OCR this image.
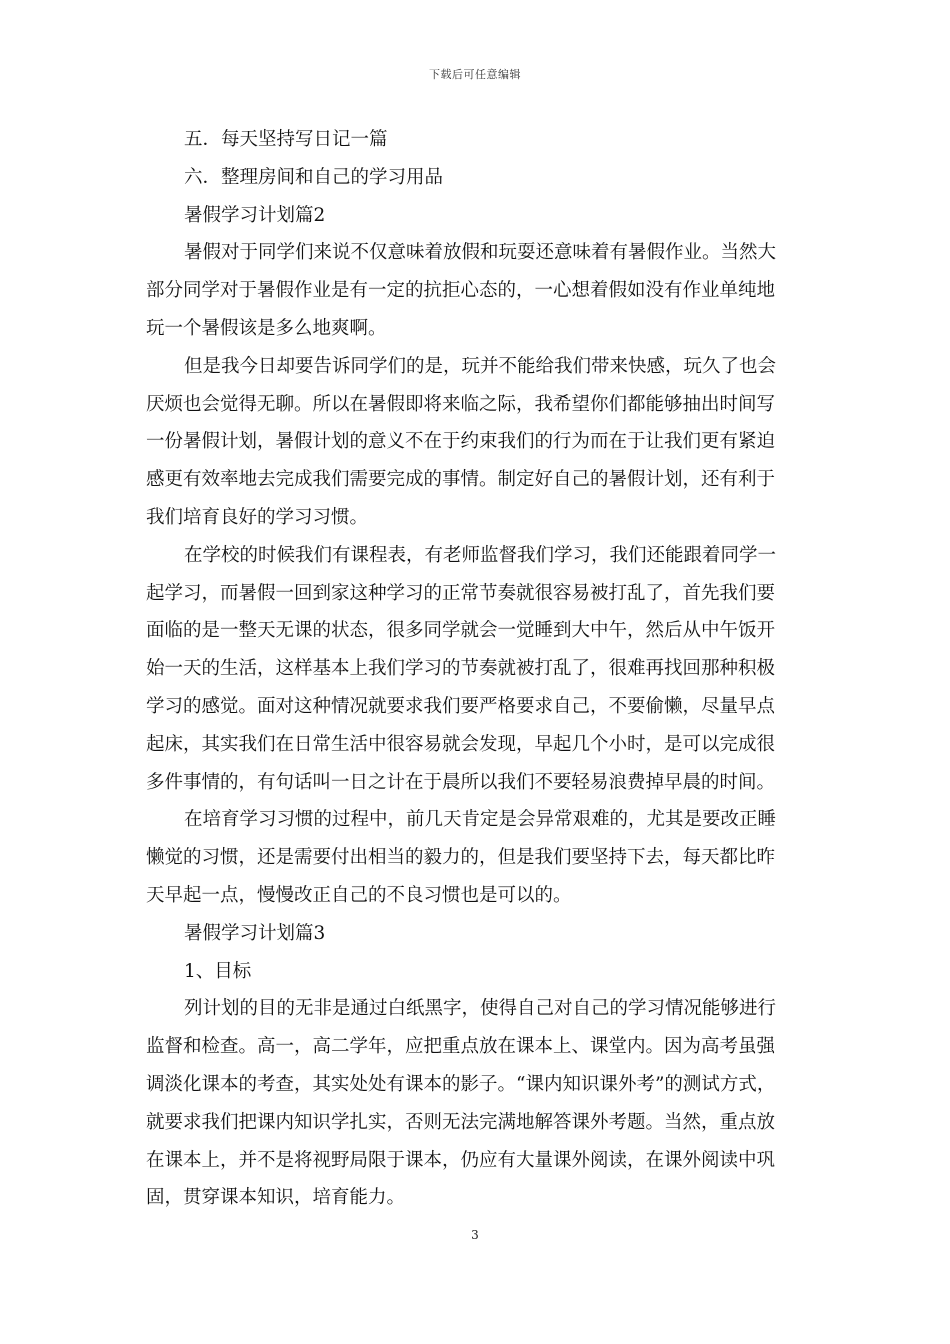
下载后可任意编辑
五．每天坚持写日记一篇
六．整理房间和自己的学习用品
暑假学习计划篇2
暑假对于同学们来说不仅意味着放假和玩耍还意味着有暑假作业。当然大
部分同学对于暑假作业是有一定的抗拒心态的，一心想着假如没有作业单纯地
玩一个暑假该是多么地爽啊。
但是我今日却要告诉同学们的是，玩并不能给我们带来快感，玩久了也会
厌烦也会觉得无聊。所以在暑假即将来临之际，我希望你们都能够抽出时间写
一份暑假计划，暑假计划的意义不在于约束我们的行为而在于让我们更有紧迫
感更有效率地去完成我们需要完成的事情。制定好自己的暑假计划，还有利于
我们培育良好的学习习惯。
在学校的时候我们有课程表，有老师监督我们学习，我们还能跟着同学一
起学习，而暑假一回到家这种学习的正常节奏就很容易被打乱了，首先我们要
面临的是一整天无课的状态，很多同学就会一觉睡到大中午，然后从中午饭开
始一天的生活，这样基本上我们学习的节奏就被打乱了，很难再找回那种积极
学习的感觉。面对这种情况就要求我们要严格要求自己，不要偷懒，尽量早点
起床，其实我们在日常生活中很容易就会发现，早起几个小时，是可以完成很
多件事情的，有句话叫一日之计在于晨所以我们不要轻易浪费掉早晨的时间。
在培育学习习惯的过程中，前几天肯定是会异常艰难的，尤其是要改正睡
懒觉的习惯，还是需要付出相当的毅力的，但是我们要坚持下去，每天都比昨
天早起一点，慢慢改正自己的不良习惯也是可以的。
暑假学习计划篇3
1、目标
列计划的目的无非是通过白纸黑字，使得自己对自己的学习情况能够进行
监督和检查。高一，高二学年，应把重点放在课本上、课堂内。因为高考虽强
调淡化课本的考查，其实处处有课本的影子。“课内知识课外考”的测试方式，
就要求我们把课内知识学扎实，否则无法完满地解答课外考题。当然，重点放
在课本上，并不是将视野局限于课本，仍应有大量课外阅读，在课外阅读中巩
固，贯穿课本知识，培育能力。
3
